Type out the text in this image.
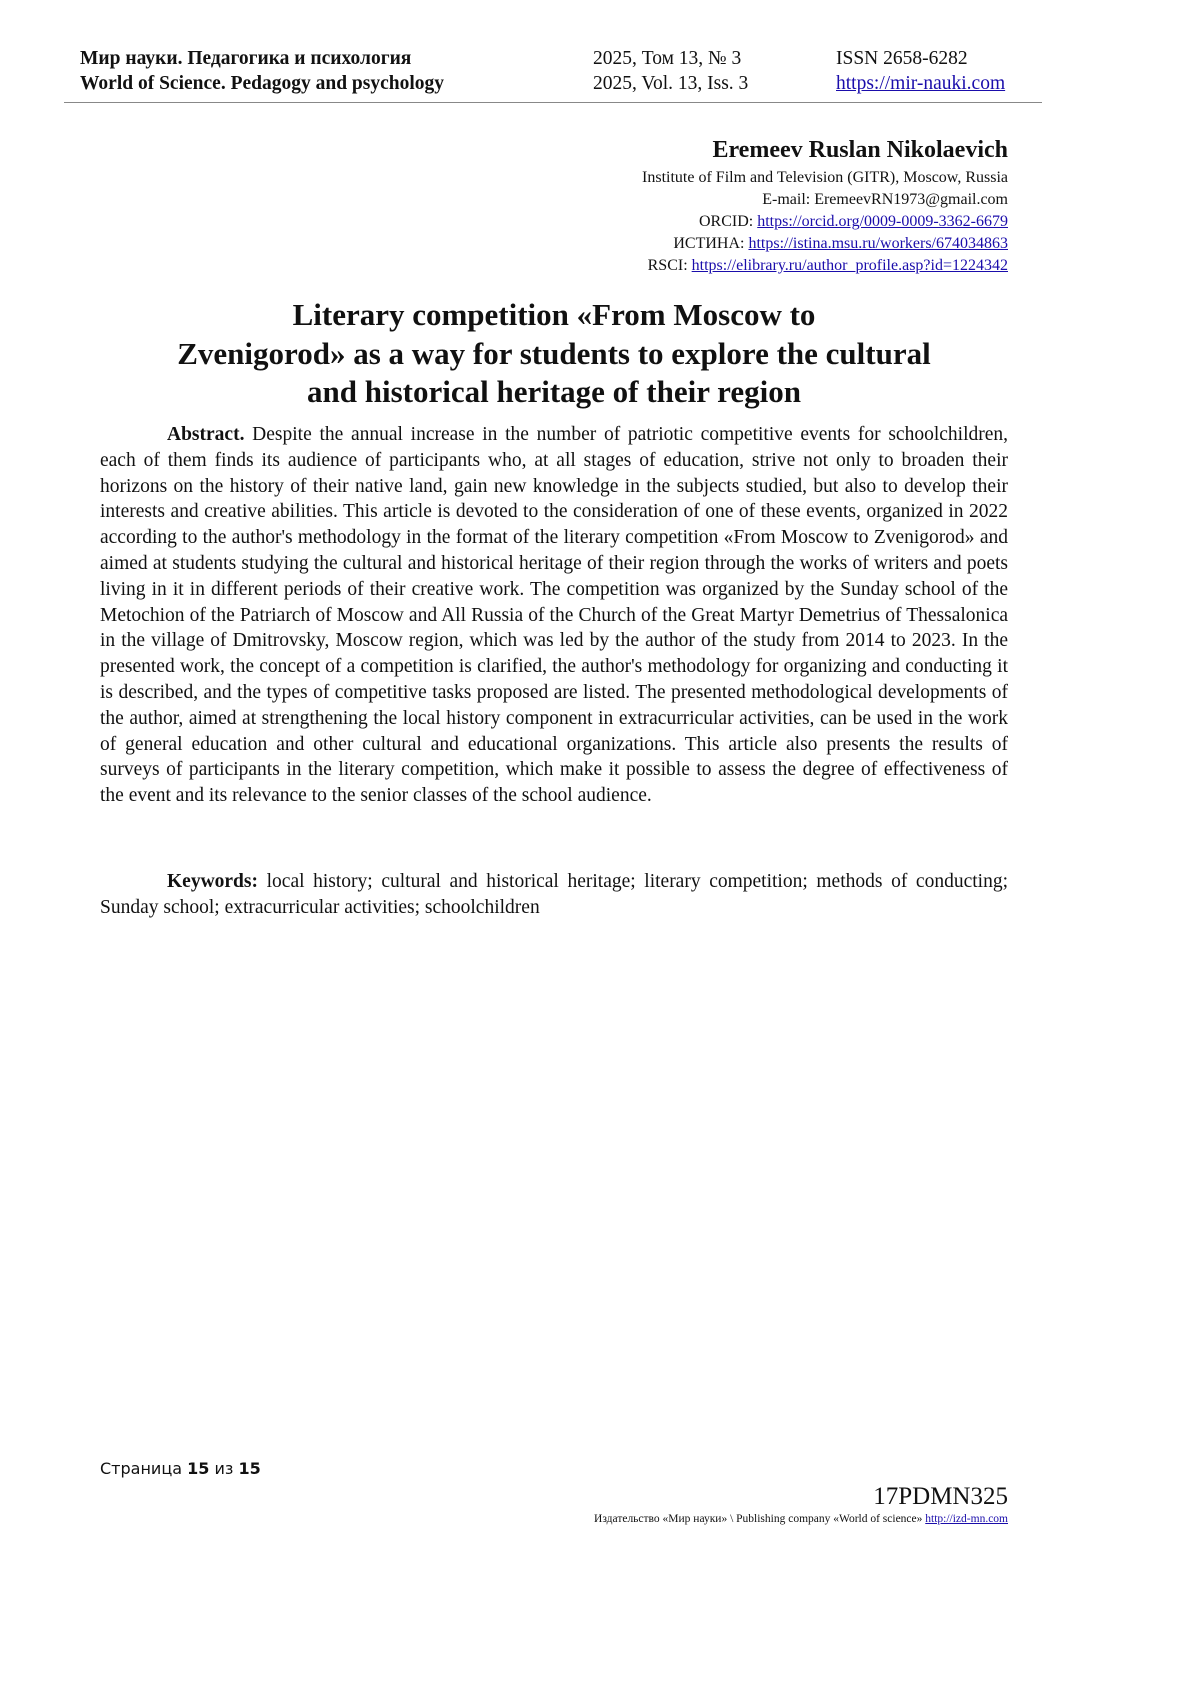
Мир науки. Педагогика и психология
World of Science. Pedagogy and psychology
2025, Том 13, № 3
2025, Vol. 13, Iss. 3
ISSN 2658-6282
https://mir-nauki.com
Eremeev Ruslan Nikolaevich
Institute of Film and Television (GITR), Moscow, Russia
E-mail: EremeevRN1973@gmail.com
ORCID: https://orcid.org/0009-0009-3362-6679
ИСТИНА: https://istina.msu.ru/workers/674034863
RSCI: https://elibrary.ru/author_profile.asp?id=1224342
Literary competition «From Moscow to
Zvenigorod» as a way for students to explore the cultural
and historical heritage of their region
Abstract. Despite the annual increase in the number of patriotic competitive events for schoolchildren, each of them finds its audience of participants who, at all stages of education, strive not only to broaden their horizons on the history of their native land, gain new knowledge in the subjects studied, but also to develop their interests and creative abilities. This article is devoted to the consideration of one of these events, organized in 2022 according to the author's methodology in the format of the literary competition «From Moscow to Zvenigorod» and aimed at students studying the cultural and historical heritage of their region through the works of writers and poets living in it in different periods of their creative work. The competition was organized by the Sunday school of the Metochion of the Patriarch of Moscow and All Russia of the Church of the Great Martyr Demetrius of Thessalonica in the village of Dmitrovsky, Moscow region, which was led by the author of the study from 2014 to 2023. In the presented work, the concept of a competition is clarified, the author's methodology for organizing and conducting it is described, and the types of competitive tasks proposed are listed. The presented methodological developments of the author, aimed at strengthening the local history component in extracurricular activities, can be used in the work of general education and other cultural and educational organizations. This article also presents the results of surveys of participants in the literary competition, which make it possible to assess the degree of effectiveness of the event and its relevance to the senior classes of the school audience.
Keywords: local history; cultural and historical heritage; literary competition; methods of conducting; Sunday school; extracurricular activities; schoolchildren
Страница 15 из 15
17PDMN325
Издательство «Мир науки» \ Publishing company «World of science» http://izd-mn.com
